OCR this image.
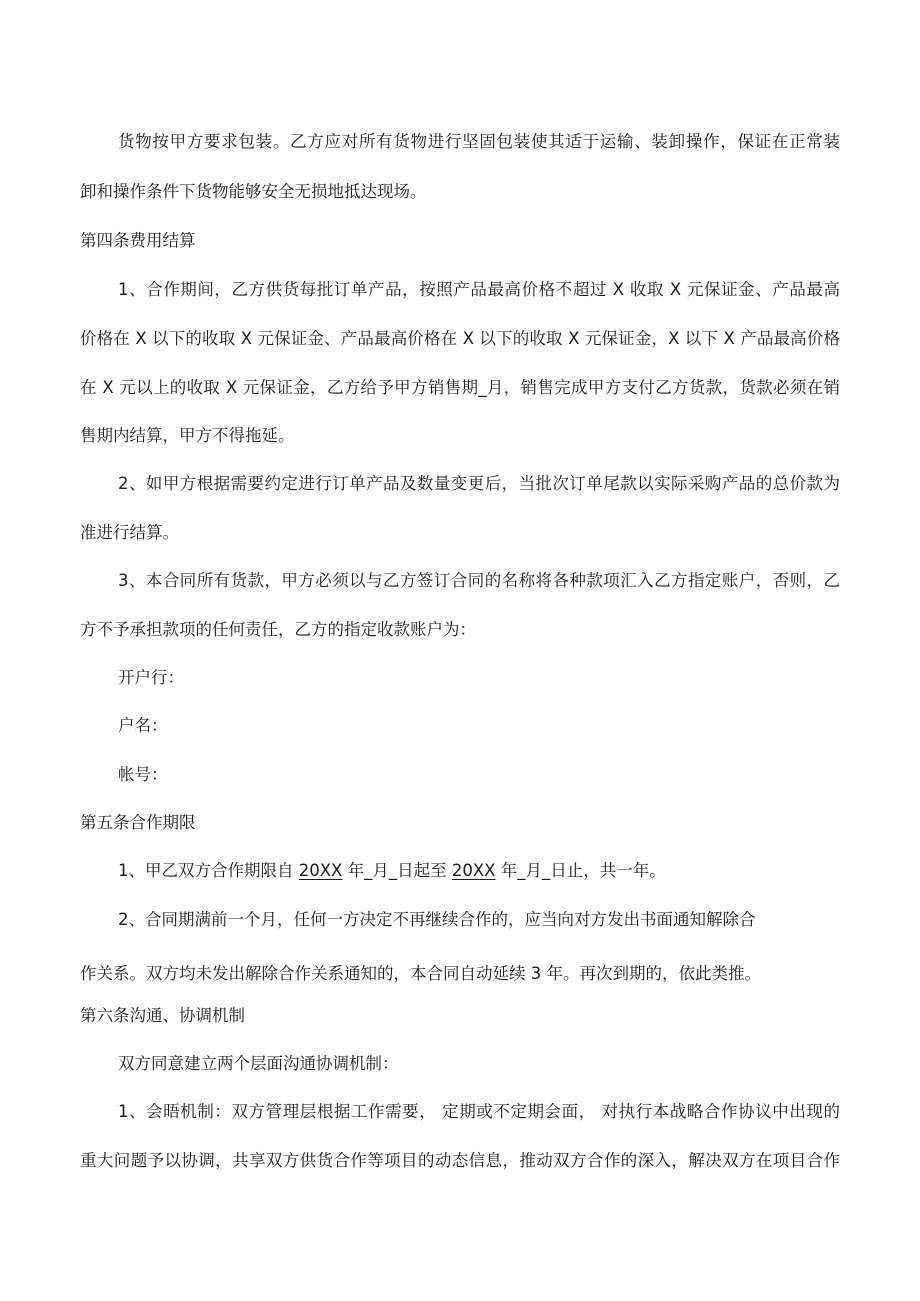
货物按甲方要求包装。乙方应对所有货物进行坚固包装使其适于运输、装卸操作，保证在正常装
卸和操作条件下货物能够安全无损地抵达现场。
第四条费用结算
1、合作期间，乙方供货每批订单产品，按照产品最高价格不超过 X 收取 X 元保证金、产品最高
价格在 X 以下的收取 X 元保证金、产品最高价格在 X 以下的收取 X 元保证金，X 以下 X 产品最高价格
在 X 元以上的收取 X 元保证金，乙方给予甲方销售期_月，销售完成甲方支付乙方货款，货款必须在销
售期内结算，甲方不得拖延。
2、如甲方根据需要约定进行订单产品及数量变更后，当批次订单尾款以实际采购产品的总价款为
准进行结算。
3、本合同所有货款，甲方必须以与乙方签订合同的名称将各种款项汇入乙方指定账户，否则，乙
方不予承担款项的任何责任，乙方的指定收款账户为：
开户行：
户名：
帐号：
第五条合作期限
1、甲乙双方合作期限自 20XX 年_月_日起至 20XX 年_月_日止，共一年。
2、合同期满前一个月，任何一方决定不再继续合作的，应当向对方发出书面通知解除合
作关系。双方均未发出解除合作关系通知的，本合同自动延续 3 年。再次到期的，依此类推。
第六条沟通、协调机制
双方同意建立两个层面沟通协调机制：
1、会晤机制：双方管理层根据工作需要， 定期或不定期会面， 对执行本战略合作协议中出现的
重大问题予以协调，共享双方供货合作等项目的动态信息，推动双方合作的深入，解决双方在项目合作
